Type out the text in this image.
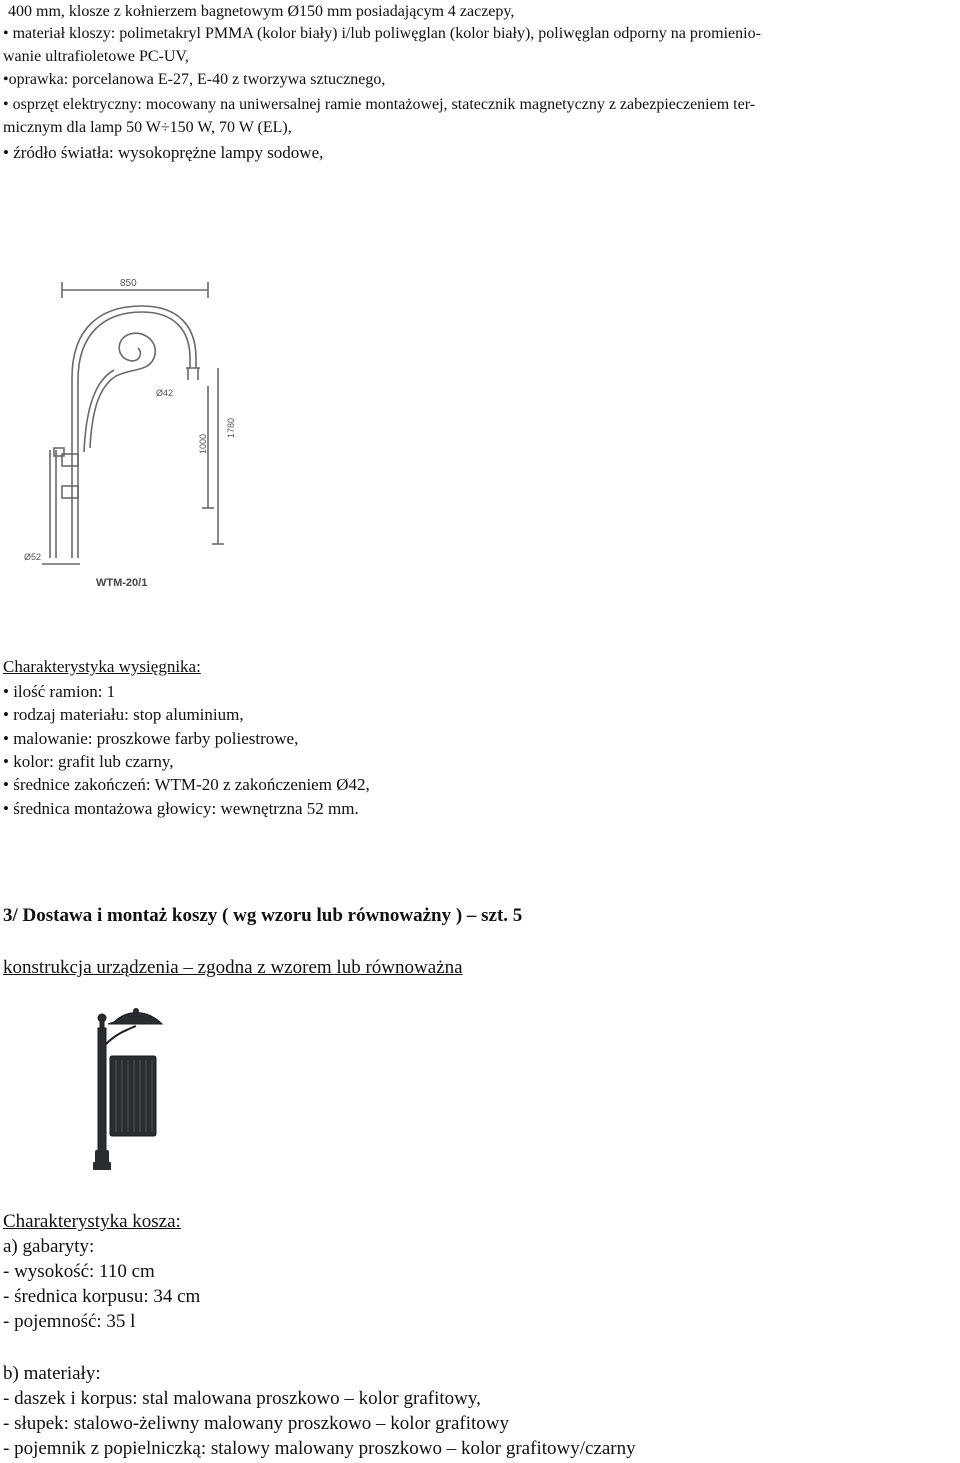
400 mm, klosze z kołnierzem bagnetowym Ø150 mm posiadającym 4 zaczepy,
• materiał kloszy: polimetakryl PMMA (kolor biały) i/lub poliwęglan (kolor biały), poliwęglan odporny na promienio-
wanie ultrafioletowe PC-UV,
•oprawka: porcelanowa E-27, E-40 z tworzywa sztucznego,
• osprzęt elektryczny: mocowany na uniwersalnej ramie montażowej, statecznik magnetyczny z zabezpieczeniem ter-
micznym dla lamp 50 W÷150 W, 70 W (EL),
• źródło światła: wysokoprężne lampy sodowe,
850
Ø42
1000
1780
Ø52
WTM-20/1
Charakterystyka wysięgnika:
• ilość ramion: 1
• rodzaj materiału: stop aluminium,
• malowanie: proszkowe farby poliestrowe,
• kolor: grafit lub czarny,
• średnice zakończeń: WTM-20 z zakończeniem Ø42,
• średnica montażowa głowicy: wewnętrzna 52 mm.
3/ Dostawa i montaż koszy ( wg wzoru lub równoważny ) – szt. 5
konstrukcja urządzenia – zgodna z wzorem lub równoważna
Charakterystyka kosza:
a) gabaryty:
- wysokość: 110 cm
- średnica korpusu: 34 cm
- pojemność: 35 l
b) materiały:
- daszek i korpus: stal malowana proszkowo – kolor grafitowy,
- słupek: stalowo-żeliwny malowany proszkowo – kolor grafitowy
- pojemnik z popielniczką: stalowy malowany proszkowo – kolor grafitowy/czarny
